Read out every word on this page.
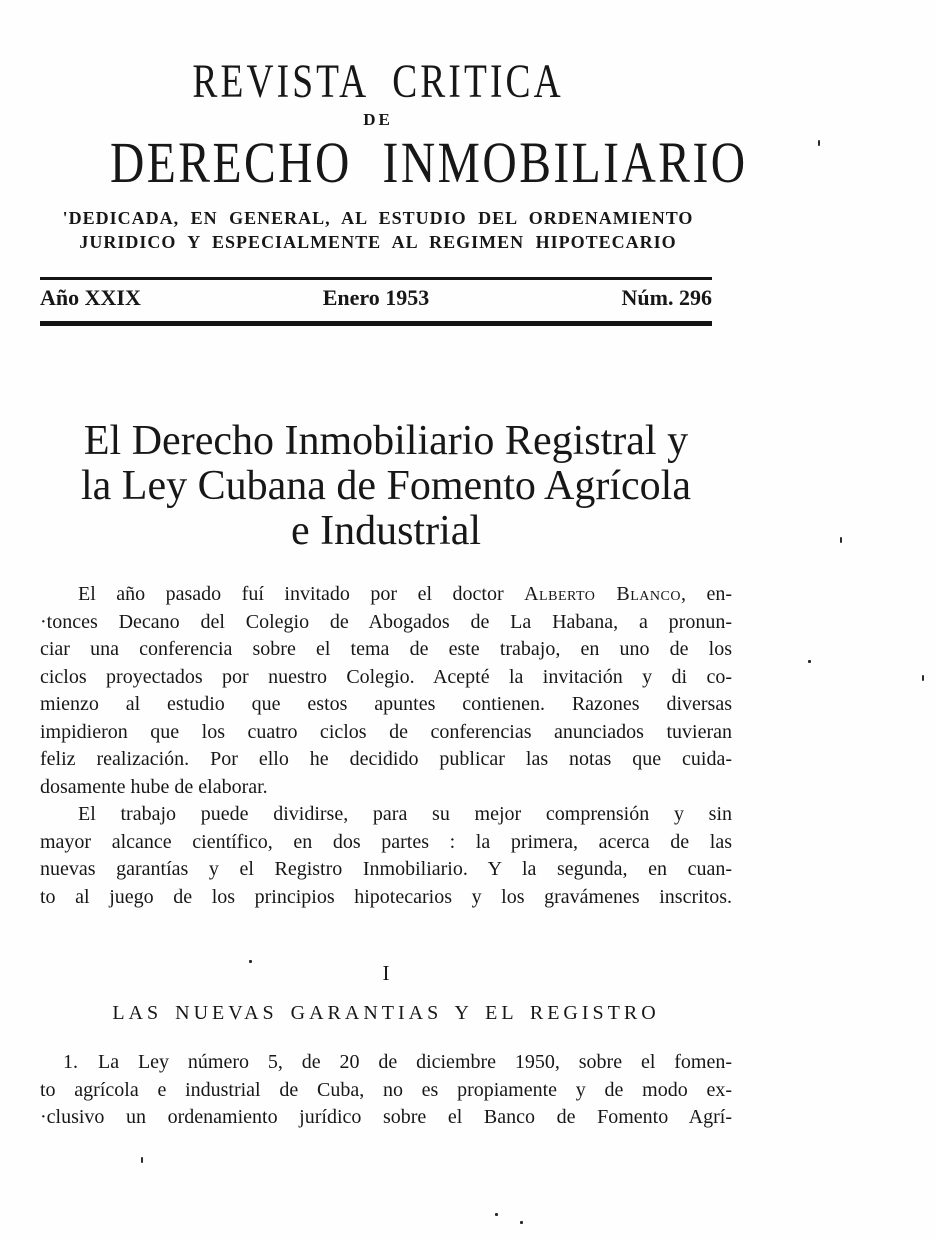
REVISTA CRITICA
DE
DERECHO INMOBILIARIO
'DEDICADA, EN GENERAL, AL ESTUDIO DEL ORDENAMIENTO
JURIDICO Y ESPECIALMENTE AL REGIMEN HIPOTECARIO
Año XXIX	Enero 1953	Núm. 296
El Derecho Inmobiliario Registral y
la Ley Cubana de Fomento Agrícola
e Industrial
El año pasado fuí invitado por el doctor Alberto Blanco, en-
·tonces Decano del Colegio de Abogados de La Habana, a pronun-
ciar una conferencia sobre el tema de este trabajo, en uno de los
ciclos proyectados por nuestro Colegio. Acepté la invitación y di co-
mienzo al estudio que estos apuntes contienen. Razones diversas
impidieron que los cuatro ciclos de conferencias anunciados tuvieran
feliz realización. Por ello he decidido publicar las notas que cuida-
dosamente hube de elaborar.
El trabajo puede dividirse, para su mejor comprensión y sin
mayor alcance científico, en dos partes : la primera, acerca de las
nuevas garantías y el Registro Inmobiliario. Y la segunda, en cuan-
to al juego de los principios hipotecarios y los gravámenes inscritos.
I
LAS NUEVAS GARANTIAS Y EL REGISTRO
1.  La Ley número 5, de 20 de diciembre 1950, sobre el fomen-
to agrícola e industrial de Cuba, no es propiamente y de modo ex-
·clusivo un ordenamiento jurídico sobre el Banco de Fomento Agrí-
